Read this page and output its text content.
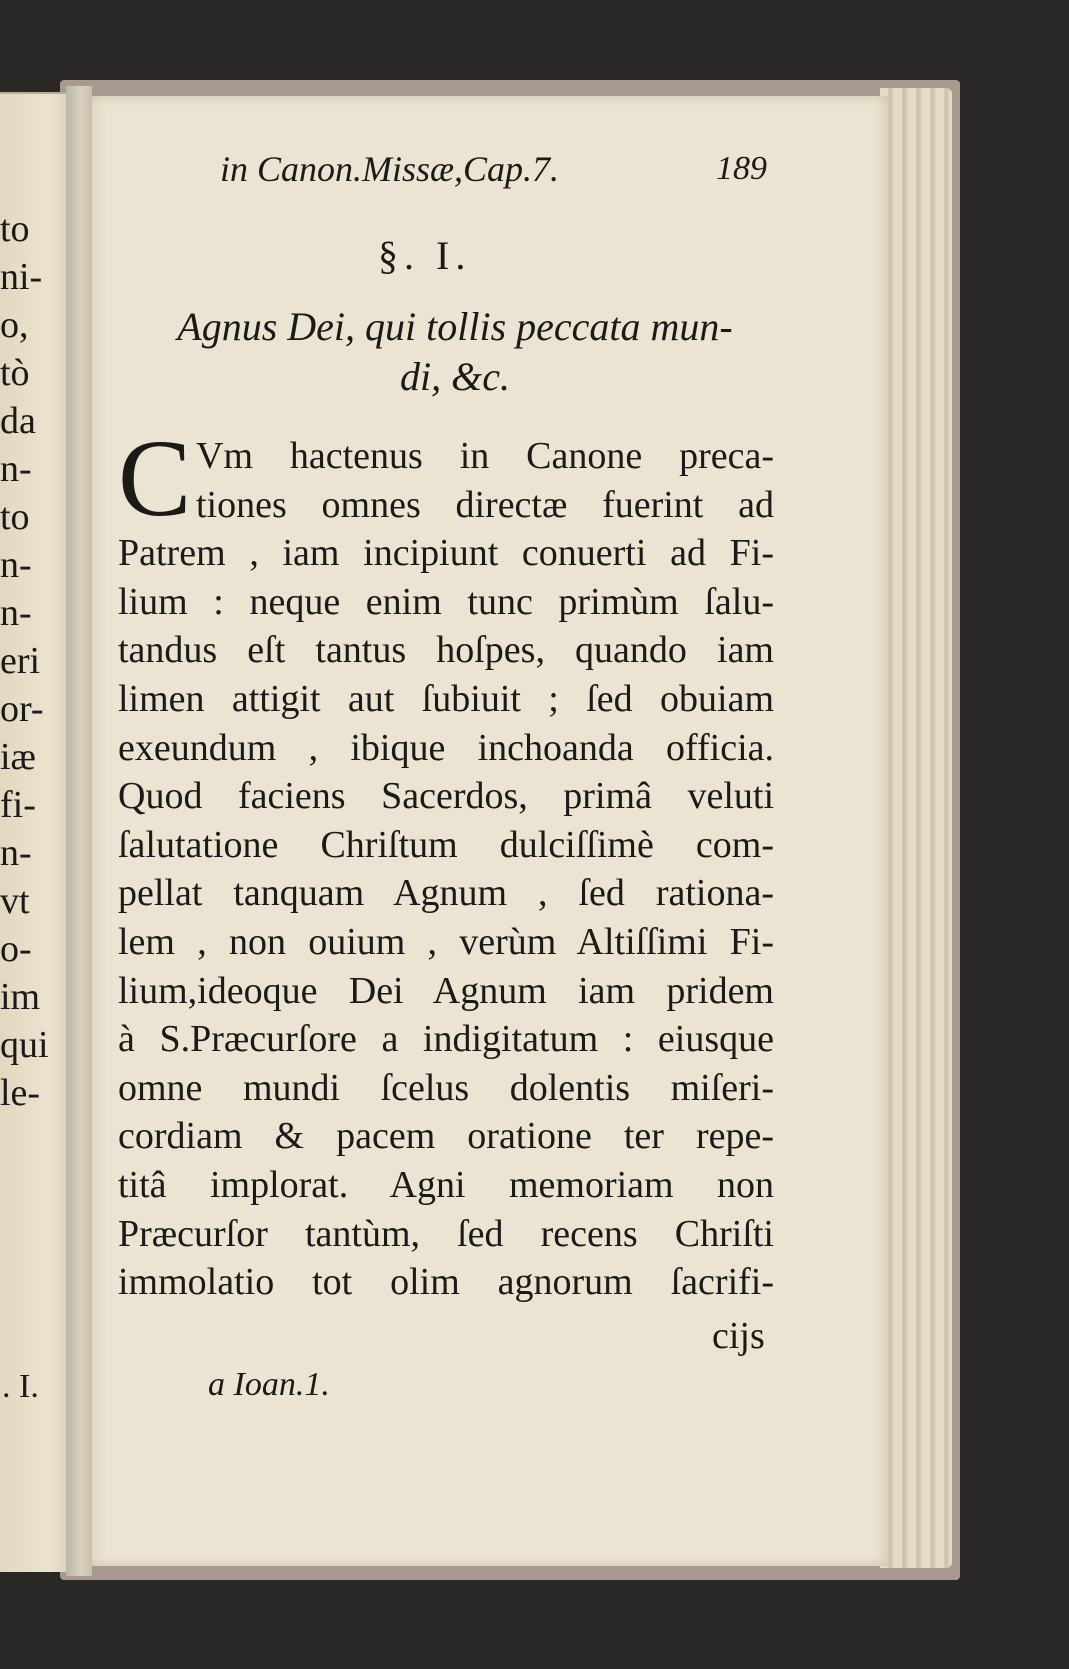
to
ni-
o,
tò
da
n-
to
n-
n-
eri
or-
iæ
fi-
n-
vt
o-
im
qui
le-
. I.
in Canon.Missæ,Cap.7.	189
§. I.
Agnus Dei, qui tollis peccata mun-
di, &c.
C Vm hactenus in Canone preca-
tiones omnes directæ fuerint ad
Patrem , iam incipiunt conuerti ad Fi-
lium : neque enim tunc primùm ſalu-
tandus eſt tantus hoſpes, quando iam
limen attigit aut ſubiuit ; ſed obuiam
exeundum , ibique inchoanda officia.
Quod faciens Sacerdos, primâ veluti
ſalutatione Chriſtum dulciſſimè com-
pellat tanquam Agnum , ſed rationa-
lem , non ouium , verùm Altiſſimi Fi-
lium,ideoque Dei Agnum iam pridem
à S.Præcurſore a indigitatum : eiusque
omne mundi ſcelus dolentis miſeri-
cordiam & pacem oratione ter repe-
titâ implorat. Agni memoriam non
Præcurſor tantùm, ſed recens Chriſti
immolatio tot olim agnorum ſacrifi-
cijs
a Ioan.1.
